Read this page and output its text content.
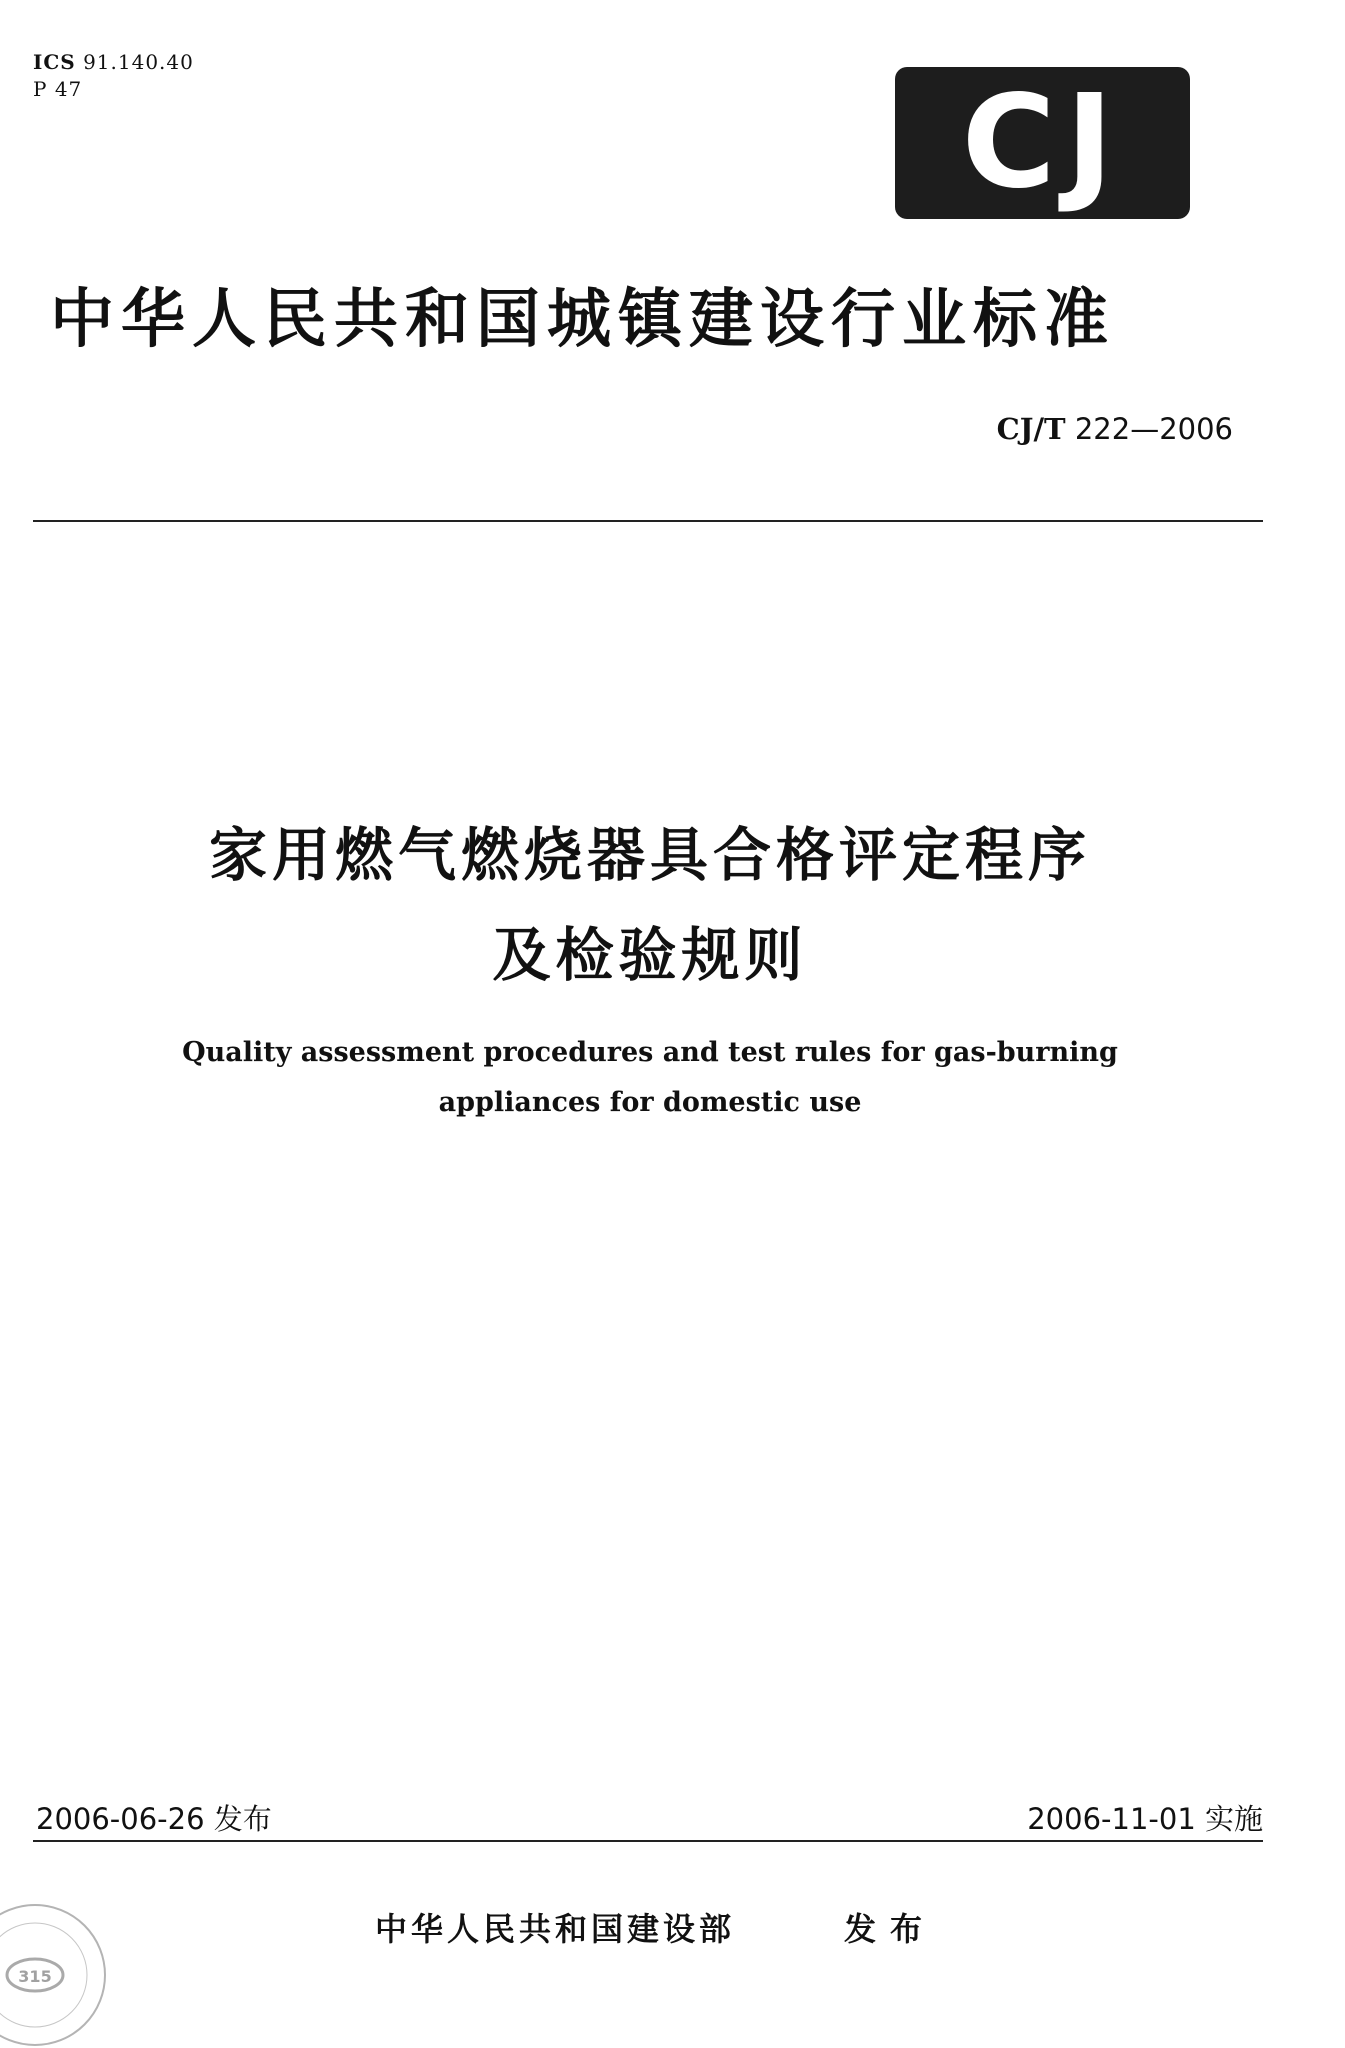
ICS 91.140.40
P 47	CJ
中华人民共和国城镇建设行业标准
CJ/T 222—2006
家用燃气燃烧器具合格评定程序
及检验规则
Quality assessment procedures and test rules for gas-burning
appliances for domestic use
2006-06-26 发布	2006-11-01 实施
中华人民共和国建设部	发布
315
